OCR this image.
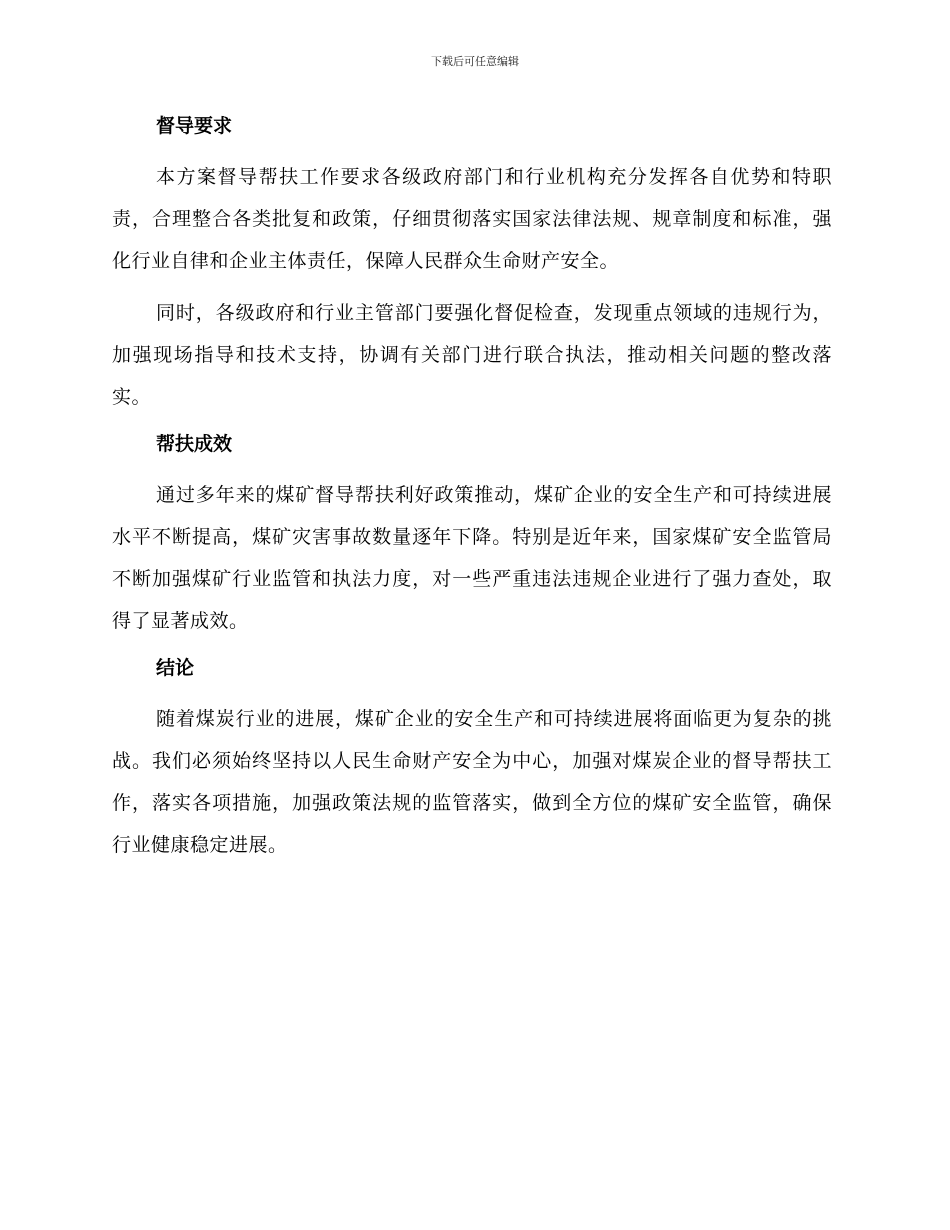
下载后可任意编辑
督导要求

本方案督导帮扶工作要求各级政府部门和行业机构充分发挥各自优势和特职责，合理整合各类批复和政策，仔细贯彻落实国家法律法规、规章制度和标准，强化行业自律和企业主体责任，保障人民群众生命财产安全。

同时，各级政府和行业主管部门要强化督促检查，发现重点领域的违规行为，加强现场指导和技术支持，协调有关部门进行联合执法，推动相关问题的整改落实。

帮扶成效

通过多年来的煤矿督导帮扶利好政策推动，煤矿企业的安全生产和可持续进展水平不断提高，煤矿灾害事故数量逐年下降。特别是近年来，国家煤矿安全监管局不断加强煤矿行业监管和执法力度，对一些严重违法违规企业进行了强力查处，取得了显著成效。

结论

随着煤炭行业的进展，煤矿企业的安全生产和可持续进展将面临更为复杂的挑战。我们必须始终坚持以人民生命财产安全为中心，加强对煤炭企业的督导帮扶工作，落实各项措施，加强政策法规的监管落实，做到全方位的煤矿安全监管，确保行业健康稳定进展。
